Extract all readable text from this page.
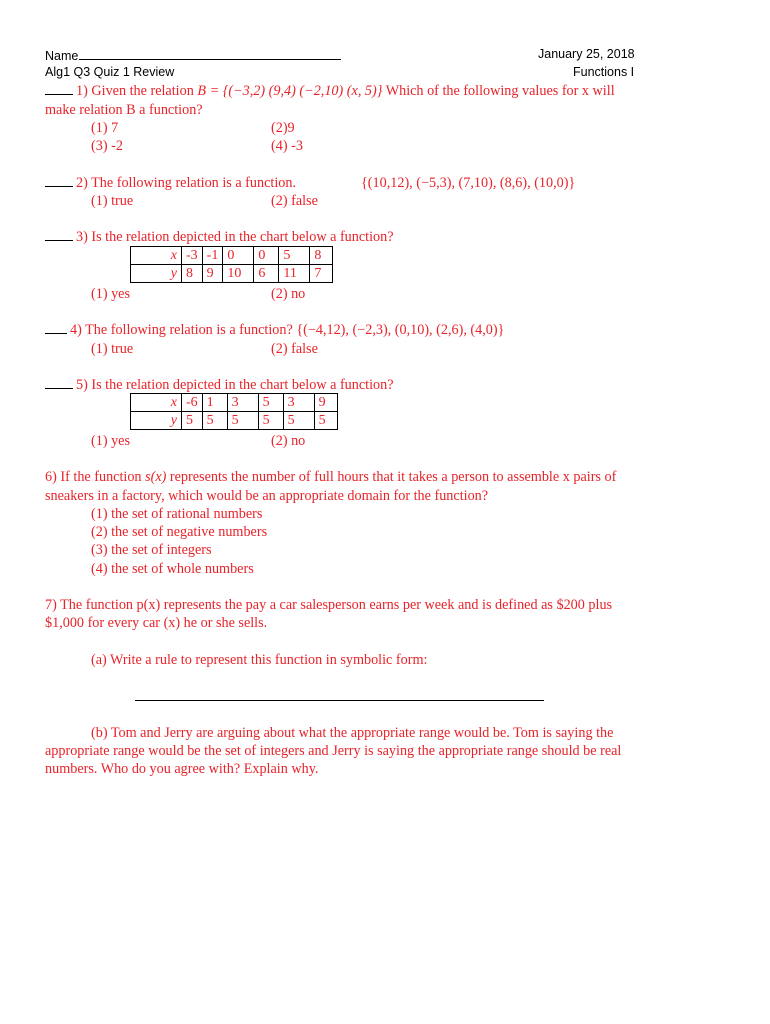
Name	January 25, 2018
Alg1 Q3 Quiz 1 Review	Functions I
1) Given the relation B = {(−3,2) (9,4) (−2,10) (x, 5)} Which of the following values for x will
make relation B a function?
(1) 7	(2)9
(3) -2	(4) -3
2) The following relation is a function.	{(10,12), (−5,3), (7,10), (8,6), (10,0)}
(1) true	(2) false
3) Is the relation depicted in the chart below a function?
x	-3	-1	0	0	5	8
y	8	9	10	6	11	7
(1) yes	(2) no
4) The following relation is a function? {(−4,12), (−2,3), (0,10), (2,6), (4,0)}
(1) true	(2) false
5) Is the relation depicted in the chart below a function?
x	-6	1	3	5	3	9
y	5	5	5	5	5	5
(1) yes	(2) no
6) If the function s(x) represents the number of full hours that it takes a person to assemble x pairs of
sneakers in a factory, which would be an appropriate domain for the function?
(1) the set of rational numbers
(2) the set of negative numbers
(3) the set of integers
(4) the set of whole numbers
7) The function p(x) represents the pay a car salesperson earns per week and is defined as $200 plus
$1,000 for every car (x) he or she sells.
(a) Write a rule to represent this function in symbolic form:
(b) Tom and Jerry are arguing about what the appropriate range would be. Tom is saying the
appropriate range would be the set of integers and Jerry is saying the appropriate range should be real
numbers. Who do you agree with? Explain why.
